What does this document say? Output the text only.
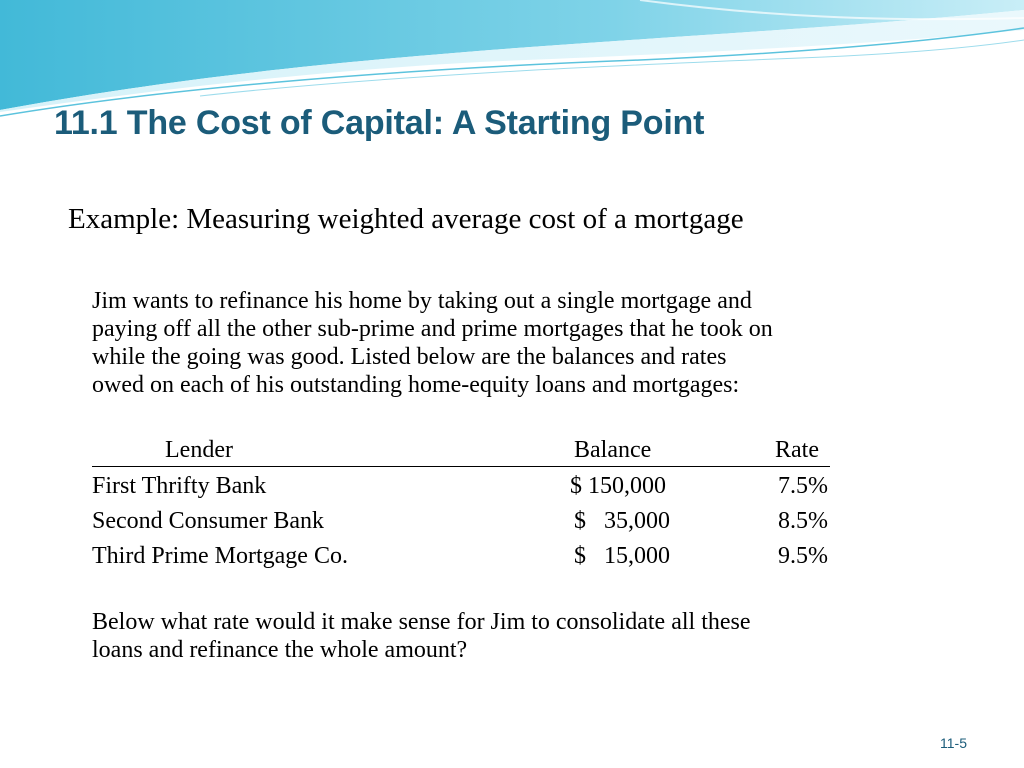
11.1 The Cost of Capital: A Starting Point
Example: Measuring weighted average cost of a mortgage
Jim wants to refinance his home by taking out a single mortgage and
paying off all the other sub-prime and prime mortgages that he took on
while the going was good. Listed below are the balances and rates
owed on each of his outstanding home-equity loans and mortgages:
Lender	Balance	Rate
First Thrifty Bank	$ 150,000	7.5%
Second Consumer Bank	$   35,000	8.5%
Third Prime Mortgage Co.	$   15,000	9.5%
Below what rate would it make sense for Jim to consolidate all these
loans and refinance the whole amount?
11-5
